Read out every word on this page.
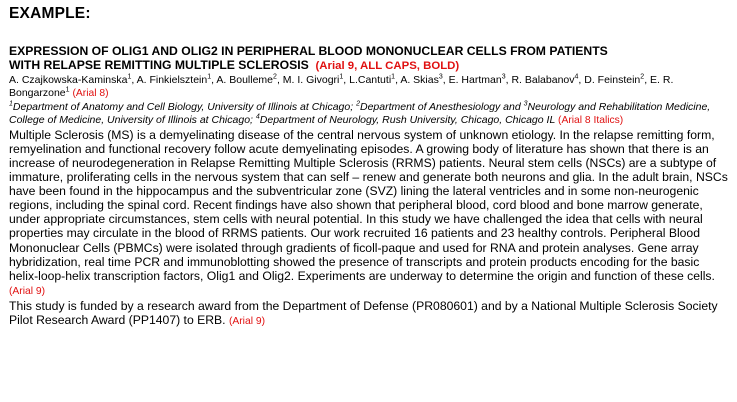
EXAMPLE:
EXPRESSION OF OLIG1 AND OLIG2 IN PERIPHERAL BLOOD MONONUCLEAR CELLS FROM PATIENTS
WITH RELAPSE REMITTING MULTIPLE SCLEROSIS (Arial 9, ALL CAPS, BOLD)
A. Czajkowska-Kaminska$^1$, A. Finkielsztein$^1$, A. Boulleme$^2$, M. I. Givogri$^1$, L.Cantuti$^1$, A. Skias$^3$, E. Hartman$^3$, R. Balabanov$^4$, D. Feinstein$^2$, E. R. Bongarzone$^1$ (Arial 8)
$^1$Department of Anatomy and Cell Biology, University of Illinois at Chicago; $^2$Department of Anesthesiology and $^3$Neurology and Rehabilitation Medicine, College of Medicine, University of Illinois at Chicago; $^4$Department of Neurology, Rush University, Chicago, Chicago IL (Arial 8 Italics)

Multiple Sclerosis (MS) is a demyelinating disease of the central nervous system of unknown etiology. In the relapse remitting form, remyelination and functional recovery follow acute demyelinating episodes. A growing body of literature has shown that there is an increase of neurodegeneration in Relapse Remitting Multiple Sclerosis (RRMS) patients. Neural stem cells (NSCs) are a subtype of immature, proliferating cells in the nervous system that can self – renew and generate both neurons and glia. In the adult brain, NSCs have been found in the hippocampus and the subventricular zone (SVZ) lining the lateral ventricles and in some non-neurogenic regions, including the spinal cord. Recent findings have also shown that peripheral blood, cord blood and bone marrow generate, under appropriate circumstances, stem cells with neural potential. In this study we have challenged the idea that cells with neural properties may circulate in the blood of RRMS patients. Our work recruited 16 patients and 23 healthy controls. Peripheral Blood Mononuclear Cells (PBMCs) were isolated through gradients of ficoll-paque and used for RNA and protein analyses. Gene array hybridization, real time PCR and immunoblotting showed the presence of transcripts and protein products encoding for the basic helix-loop-helix transcription factors, Olig1 and Olig2. Experiments are underway to determine the origin and function of these cells. (Arial 9)
This study is funded by a research award from the Department of Defense (PR080601) and by a National Multiple Sclerosis Society Pilot Research Award (PP1407) to ERB. (Arial 9)
